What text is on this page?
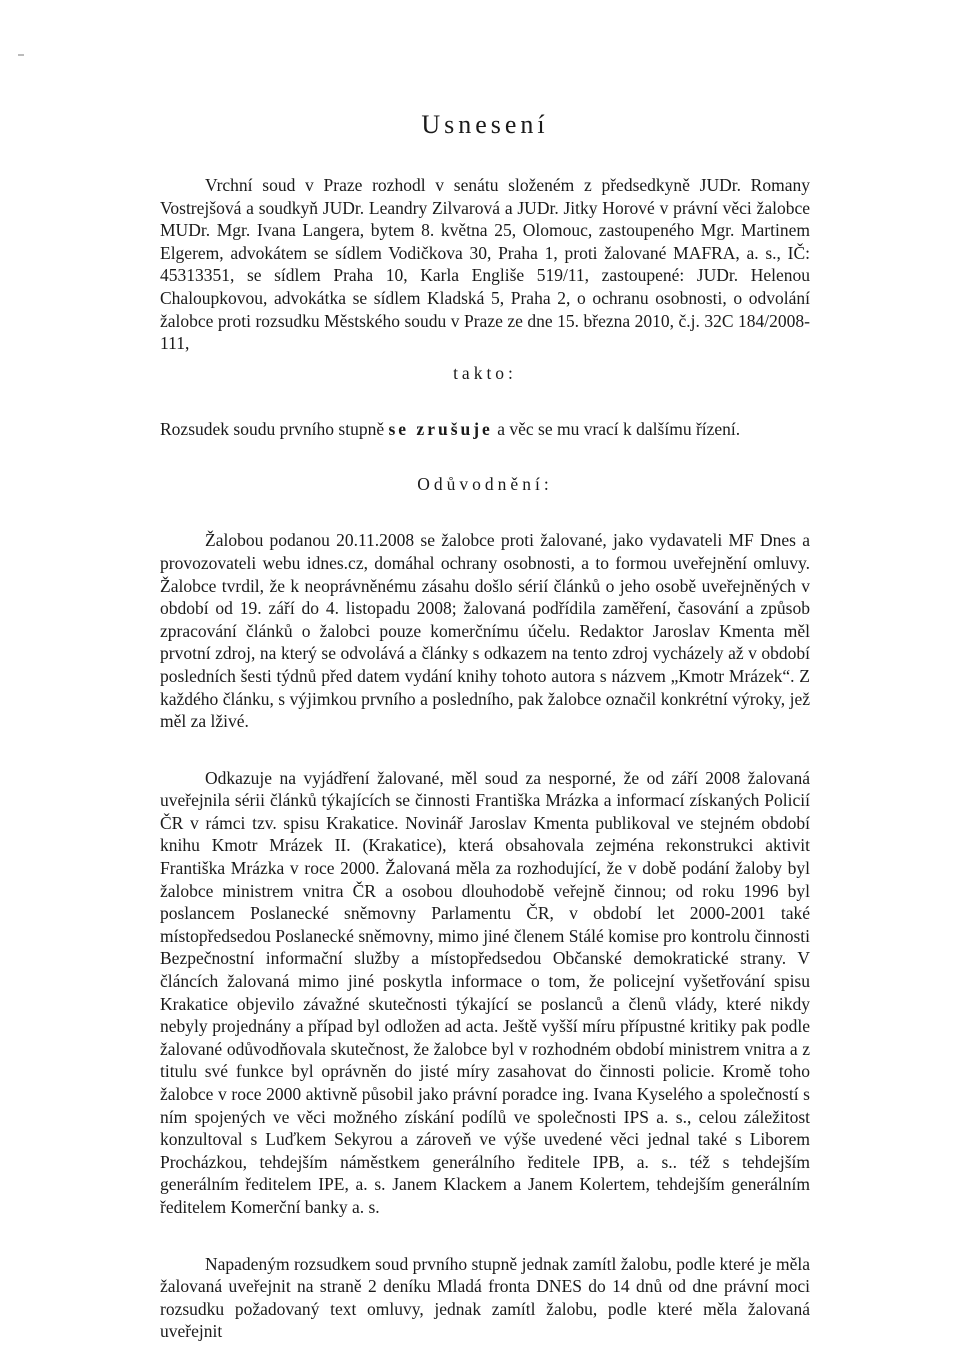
Usnesení

Vrchní soud v Praze rozhodl v senátu složeném z předsedkyně JUDr. Romany Vostrejšová a soudkyň JUDr. Leandry Zilvarová a JUDr. Jitky Horové v právní věci žalobce MUDr. Mgr. Ivana Langera, bytem 8. května 25, Olomouc, zastoupeného Mgr. Martinem Elgerem, advokátem se sídlem Vodičkova 30, Praha 1, proti žalované MAFRA, a. s., IČ: 45313351, se sídlem Praha 10, Karla Engliše 519/11, zastoupené: JUDr. Helenou Chaloupkovou, advokátka se sídlem Kladská 5, Praha 2, o ochranu osobnosti, o odvolání žalobce proti rozsudku Městského soudu v Praze ze dne 15. března 2010, č.j. 32C 184/2008-111,

takto:

Rozsudek soudu prvního stupně se zrušuje a věc se mu vrací k dalšímu řízení.

Odůvodnění:

Žalobou podanou 20.11.2008 se žalobce proti žalované, jako vydavateli MF Dnes a provozovateli webu idnes.cz, domáhal ochrany osobnosti, a to formou uveřejnění omluvy. Žalobce tvrdil, že k neoprávněnému zásahu došlo sérií článků o jeho osobě uveřejněných v období od 19. září do 4. listopadu 2008; žalovaná podřídila zaměření, časování a způsob zpracování článků o žalobci pouze komerčnímu účelu. Redaktor Jaroslav Kmenta měl prvotní zdroj, na který se odvolává a články s odkazem na tento zdroj vycházely až v období posledních šesti týdnů před datem vydání knihy tohoto autora s názvem „Kmotr Mrázek“. Z každého článku, s výjimkou prvního a posledního, pak žalobce označil konkrétní výroky, jež měl za lživé.

Odkazuje na vyjádření žalované, měl soud za nesporné, že od září 2008 žalovaná uveřejnila sérii článků týkajících se činnosti Františka Mrázka a informací získaných Policií ČR v rámci tzv. spisu Krakatice. Novinář Jaroslav Kmenta publikoval ve stejném období knihu Kmotr Mrázek II. (Krakatice), která obsahovala zejména rekonstrukci aktivit Františka Mrázka v roce 2000. Žalovaná měla za rozhodující, že v době podání žaloby byl žalobce ministrem vnitra ČR a osobou dlouhodobě veřejně činnou; od roku 1996 byl poslancem Poslanecké sněmovny Parlamentu ČR, v období let 2000-2001 také místopředsedou Poslanecké sněmovny, mimo jiné členem Stálé komise pro kontrolu činnosti Bezpečnostní informační služby a místopředsedou Občanské demokratické strany. V článcích žalovaná mimo jiné poskytla informace o tom, že policejní vyšetřování spisu Krakatice objevilo závažné skutečnosti týkající se poslanců a členů vlády, které nikdy nebyly projednány a případ byl odložen ad acta. Ještě vyšší míru přípustné kritiky pak podle žalované odůvodňovala skutečnost, že žalobce byl v rozhodném období ministrem vnitra a z titulu své funkce byl oprávněn do jisté míry zasahovat do činnosti policie. Kromě toho žalobce v roce 2000 aktivně působil jako právní poradce ing. Ivana Kyselého a společností s ním spojených ve věci možného získání podílů ve společnosti IPS a. s., celou záležitost konzultoval s Luďkem Sekyrou a zároveň ve výše uvedené věci jednal také s Liborem Procházkou, tehdejším náměstkem generálního ředitele IPB, a. s.. též s tehdejším generálním ředitelem IPE, a. s. Janem Klackem a Janem Kolertem, tehdejším generálním ředitelem Komerční banky a. s.

Napadeným rozsudkem soud prvního stupně jednak zamítl žalobu, podle které je měla žalovaná uveřejnit na straně 2 deníku Mladá fronta DNES do 14 dnů od dne právní moci rozsudku požadovaný text omluvy, jednak zamítl žalobu, podle které měla žalovaná uveřejnit
